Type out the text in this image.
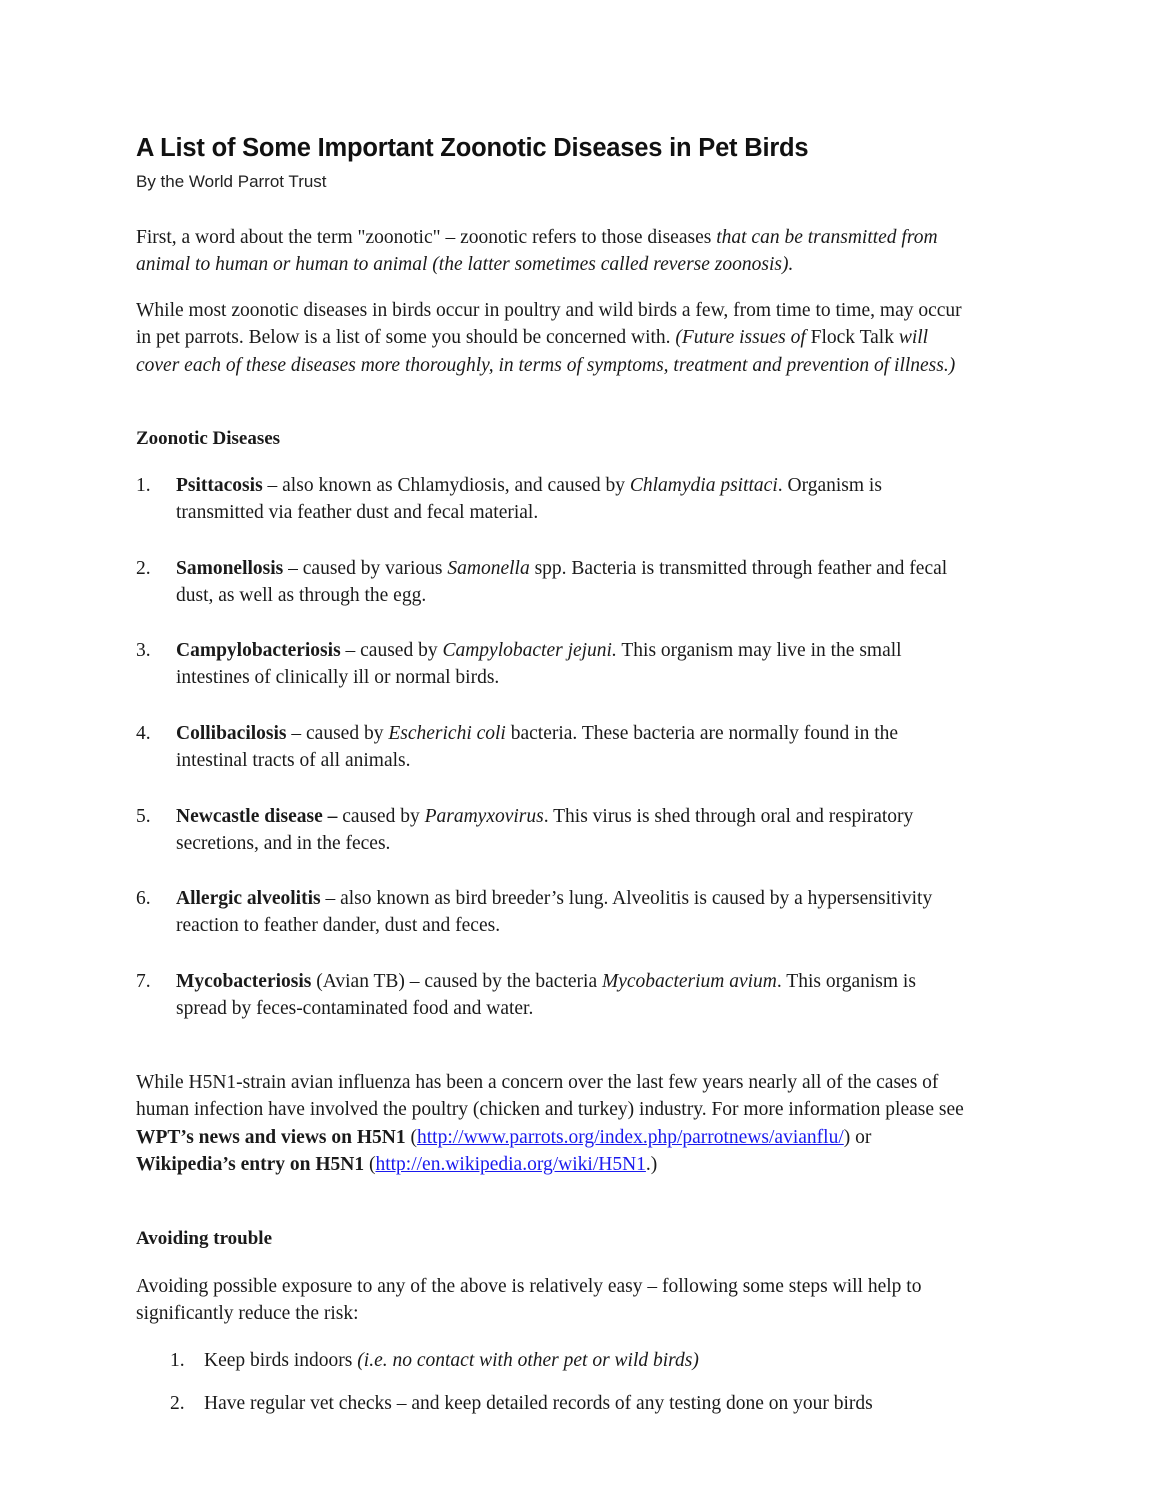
A List of Some Important Zoonotic Diseases in Pet Birds
By the World Parrot Trust
First, a word about the term "zoonotic" – zoonotic refers to those diseases that can be transmitted from
animal to human or human to animal (the latter sometimes called reverse zoonosis).
While most zoonotic diseases in birds occur in poultry and wild birds a few, from time to time, may occur
in pet parrots. Below is a list of some you should be concerned with. (Future issues of Flock Talk will
cover each of these diseases more thoroughly, in terms of symptoms, treatment and prevention of illness.)
Zoonotic Diseases
1. Psittacosis – also known as Chlamydiosis, and caused by Chlamydia psittaci. Organism is
transmitted via feather dust and fecal material.
2. Samonellosis – caused by various Samonella spp. Bacteria is transmitted through feather and fecal
dust, as well as through the egg.
3. Campylobacteriosis – caused by Campylobacter jejuni. This organism may live in the small
intestines of clinically ill or normal birds.
4. Collibacilosis – caused by Escherichi coli bacteria. These bacteria are normally found in the
intestinal tracts of all animals.
5. Newcastle disease – caused by Paramyxovirus. This virus is shed through oral and respiratory
secretions, and in the feces.
6. Allergic alveolitis – also known as bird breeder’s lung. Alveolitis is caused by a hypersensitivity
reaction to feather dander, dust and feces.
7. Mycobacteriosis (Avian TB) – caused by the bacteria Mycobacterium avium. This organism is
spread by feces-contaminated food and water.
While H5N1-strain avian influenza has been a concern over the last few years nearly all of the cases of
human infection have involved the poultry (chicken and turkey) industry. For more information please see
WPT’s news and views on H5N1 (http://www.parrots.org/index.php/parrotnews/avianflu/) or
Wikipedia’s entry on H5N1 (http://en.wikipedia.org/wiki/H5N1.)
Avoiding trouble
Avoiding possible exposure to any of the above is relatively easy – following some steps will help to
significantly reduce the risk:
1. Keep birds indoors (i.e. no contact with other pet or wild birds)
2. Have regular vet checks – and keep detailed records of any testing done on your birds
